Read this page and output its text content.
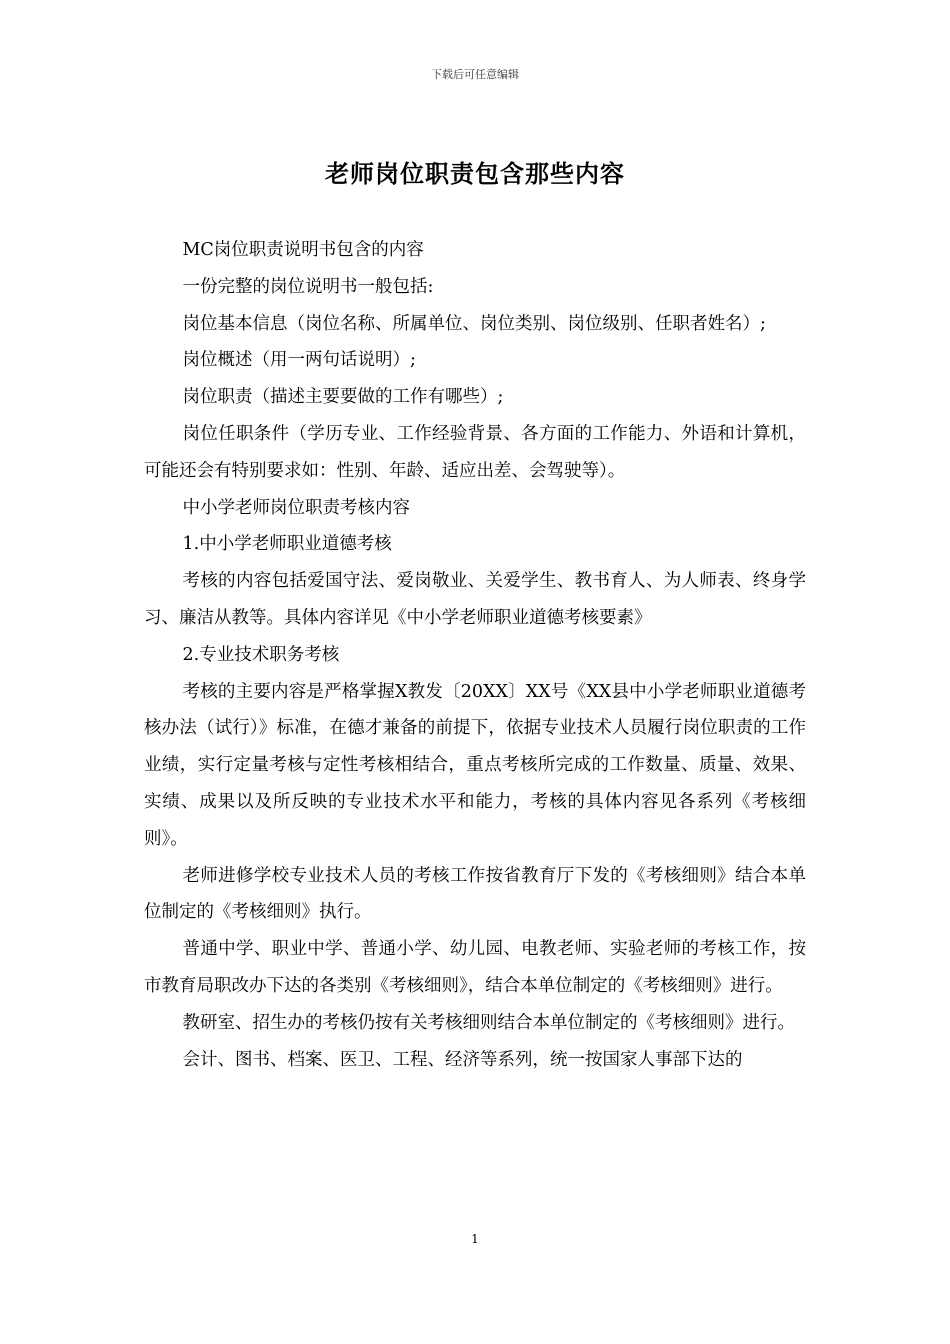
下载后可任意编辑
老师岗位职责包含那些内容

MC岗位职责说明书包含的内容

一份完整的岗位说明书一般包括:

岗位基本信息（岗位名称、所属单位、岗位类别、岗位级别、任职者姓名）;

岗位概述（用一两句话说明）;

岗位职责（描述主要要做的工作有哪些）;

岗位任职条件（学历专业、工作经验背景、各方面的工作能力、外语和计算机，可能还会有特别要求如：性别、年龄、适应出差、会驾驶等）。

中小学老师岗位职责考核内容

1.中小学老师职业道德考核

考核的内容包括爱国守法、爱岗敬业、关爱学生、教书育人、为人师表、终身学习、廉洁从教等。具体内容详见《中小学老师职业道德考核要素》

2.专业技术职务考核

考核的主要内容是严格掌握X教发〔20XX〕XX号《XX县中小学老师职业道德考核办法（试行）》标准，在德才兼备的前提下，依据专业技术人员履行岗位职责的工作业绩，实行定量考核与定性考核相结合，重点考核所完成的工作数量、质量、效果、实绩、成果以及所反映的专业技术水平和能力，考核的具体内容见各系列《考核细则》。

老师进修学校专业技术人员的考核工作按省教育厅下发的《考核细则》结合本单位制定的《考核细则》执行。

普通中学、职业中学、普通小学、幼儿园、电教老师、实验老师的考核工作，按市教育局职改办下达的各类别《考核细则》，结合本单位制定的《考核细则》进行。

教研室、招生办的考核仍按有关考核细则结合本单位制定的《考核细则》进行。

会计、图书、档案、医卫、工程、经济等系列，统一按国家人事部下达的

1
